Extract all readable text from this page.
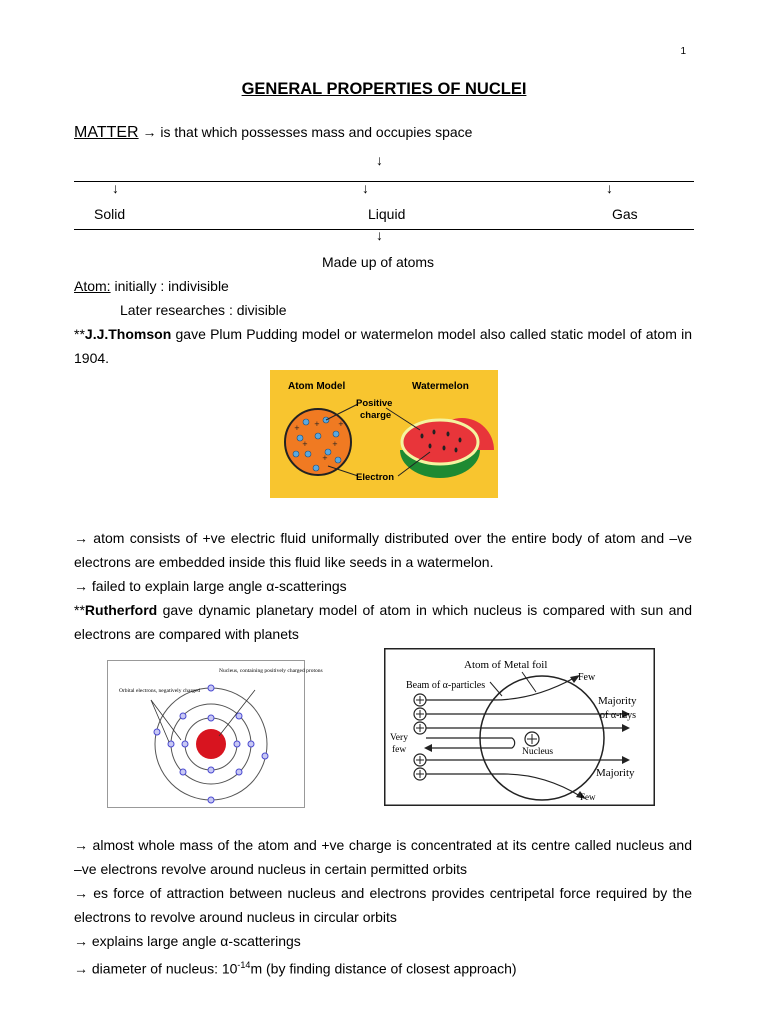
1
GENERAL PROPERTIES OF NUCLEI
MATTER → is that which possesses mass and occupies space
↓
↓	↓	↓
Solid	Liquid	Gas
↓
Made up of atoms
Atom: initially : indivisible
Later researches : divisible
**J.J.Thomson gave Plum Pudding model or watermelon model also called static model of atom in 1904.
+
+
+
+
+
+
Atom Model	Watermelon
Positive
charge
Electron
→ atom consists of +ve electric fluid uniformally distributed over the entire body of atom and –ve electrons are embedded inside this fluid like seeds in a watermelon.
→ failed to explain large angle α-scatterings
**Rutherford gave dynamic planetary model of atom in which nucleus is compared with sun and electrons are compared with planets
Orbital electrons, negatively charged
Nucleus, containing positively charged protons	Atom of Metal foil
Beam of α-particles
Few
Majority
of α-rays
Very
few	Nucleus
Majority
Few
→ almost whole mass of the atom and +ve charge is concentrated at its centre called nucleus and –ve electrons revolve around nucleus in certain permitted orbits
→ es force of attraction between nucleus and electrons provides centripetal force required by the electrons to revolve around nucleus in circular orbits
→ explains large angle α-scatterings
→ diameter of nucleus: $10^{-14}m$ (by finding distance of closest approach)
